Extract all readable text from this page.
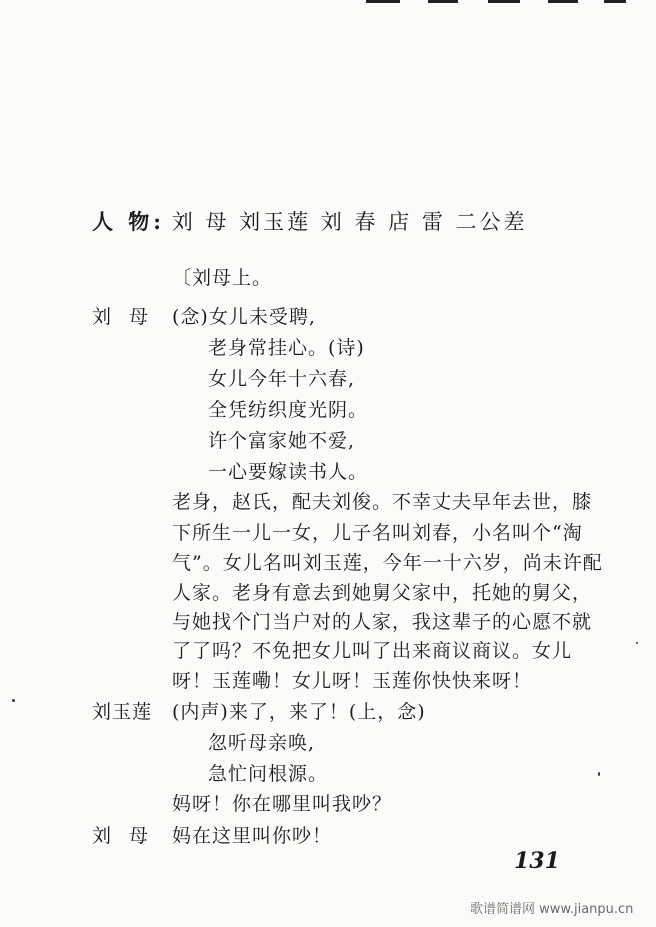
人 物: 刘 母 刘玉莲 刘 春 店 雷 二公差
〔刘母上。
刘 母 (念)女儿未受聘,
老身常挂心。(诗)
女儿今年十六春,
全凭纺织度光阴。
许个富家她不爱,
一心要嫁读书人。
老身，赵氏，配夫刘俊。不幸丈夫早年去世，膝
下所生一儿一女，儿子名叫刘春，小名叫个“淘
气”。女儿名叫刘玉莲，今年一十六岁，尚未许配
人家。老身有意去到她舅父家中，托她的舅父，
与她找个门当户对的人家，我这辈子的心愿不就
了了吗？不免把女儿叫了出来商议商议。女儿
呀！玉莲嘞！女儿呀！玉莲你快快来呀！
刘玉莲 (内声)来了，来了！(上，念)
忽听母亲唤,
急忙问根源。
妈呀！你在哪里叫我吵？
刘 母 妈在这里叫你吵！
131
歌谱简谱网 www.jianpu.cn
